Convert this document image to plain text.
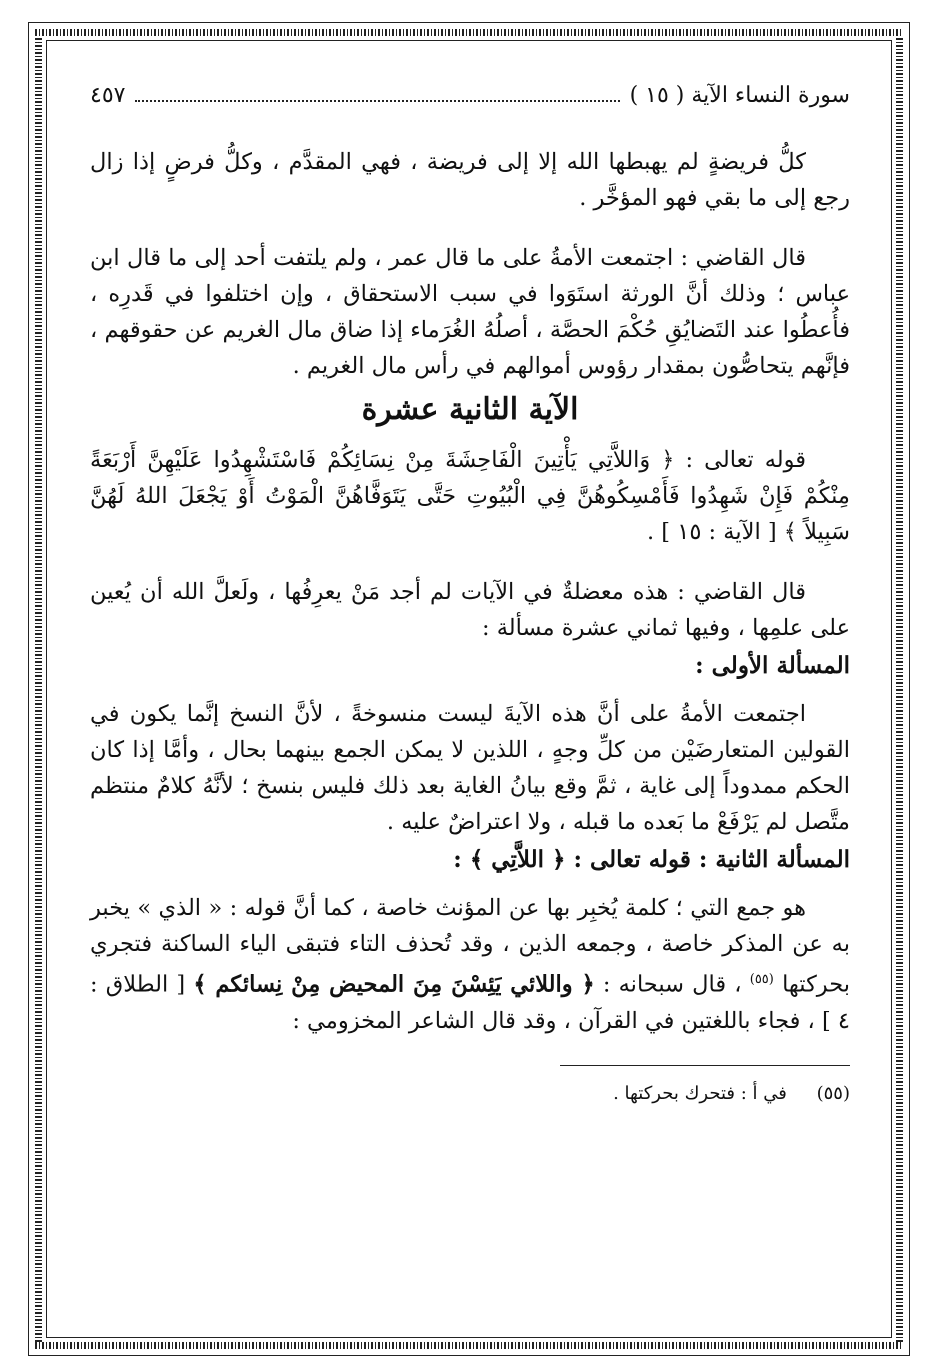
سورة النساء الآية ( ١٥ )
٤٥٧

كلُّ فريضةٍ لم يهبطها الله إلا إلى فريضة ، فهي المقدَّم ، وكلُّ فرضٍ إذا زال رجع إلى ما بقي فهو المؤخَّر .

قال القاضي : اجتمعت الأمةُ على ما قال عمر ، ولم يلتفت أحد إلى ما قال ابن عباس ؛ وذلك أنَّ الورثة استَوَوا في سبب الاستحقاق ، وإن اختلفوا في قَدرِه ، فأُعطُوا عند التَضايُقِ حُكْمَ الحصَّة ، أصلُهُ الغُرَماء إذا ضاق مال الغريم عن حقوقهم ، فإنَّهم يتحاصُّون بمقدار رؤوس أموالهم في رأس مال الغريم .

الآية الثانية عشرة

قوله تعالى : ﴿ وَاللاَّتِي يَأْتِينَ الْفَاحِشَةَ مِنْ نِسَائِكُمْ فَاسْتَشْهِدُوا عَلَيْهِنَّ أَرْبَعَةً مِنْكُمْ فَإِنْ شَهِدُوا فَأَمْسِكُوهُنَّ فِي الْبُيُوتِ حَتَّى يَتَوَفَّاهُنَّ الْمَوْتُ أَوْ يَجْعَلَ اللهُ لَهُنَّ سَبِيلاً ﴾ [ الآية : ١٥ ] .

قال القاضي : هذه معضلةٌ في الآيات لم أجد مَنْ يعرِفُها ، ولَعلَّ الله أن يُعين على علمِها ، وفيها ثماني عشرة مسألة :

المسألة الأولى :

اجتمعت الأمةُ على أنَّ هذه الآيةَ ليست منسوخةً ، لأنَّ النسخ إنَّما يكون في القولين المتعارضَيْن من كلِّ وجهٍ ، اللذين لا يمكن الجمع بينهما بحال ، وأمَّا إذا كان الحكم ممدوداً إلى غاية ، ثمَّ وقع بيانُ الغاية بعد ذلك فليس بنسخ ؛ لأنَّهُ كلامٌ منتظم متَّصل لم يَرْفَعْ ما بَعده ما قبله ، ولا اعتراضٌ عليه .

المسألة الثانية : قوله تعالى : ﴿ اللاَّتِي ﴾ :

هو جمع التي ؛ كلمة يُخبِر بها عن المؤنث خاصة ، كما أنَّ قوله : « الذي » يخبر به عن المذكر خاصة ، وجمعه الذين ، وقد تُحذف التاء فتبقى الياء الساكنة فتجري بحركتها $^{(٥٥)}$ ، قال سبحانه : ﴿ واللائي يَئِسْنَ مِنَ المحيض مِنْ نِسائكم ﴾ [ الطلاق : ٤ ] ، فجاء باللغتين في القرآن ، وقد قال الشاعر المخزومي :

(٥٥) في أ : فتحرك بحركتها .
